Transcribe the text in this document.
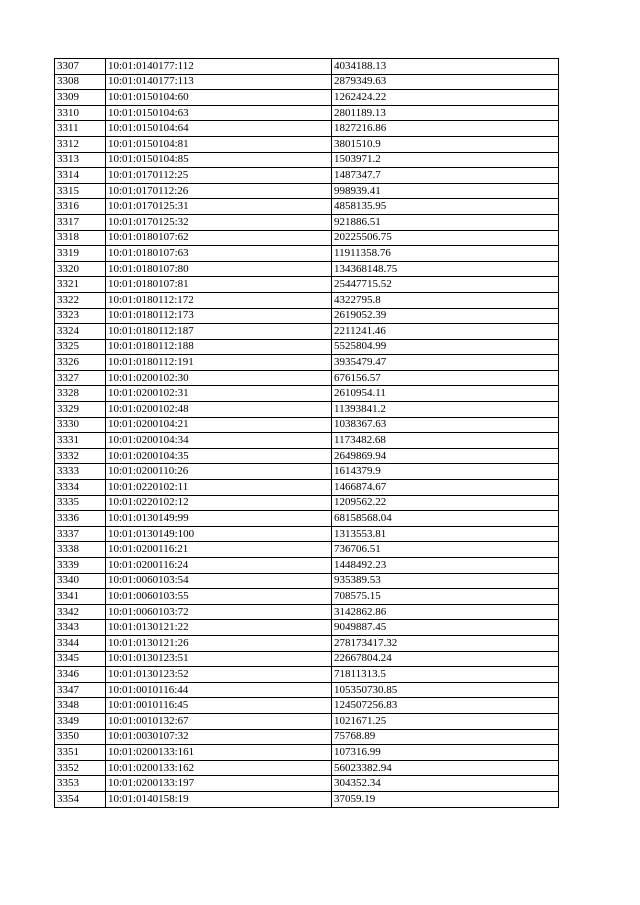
3307	10:01:0140177:112	4034188.13
3308	10:01:0140177:113	2879349.63
3309	10:01:0150104:60	1262424.22
3310	10:01:0150104:63	2801189.13
3311	10:01:0150104:64	1827216.86
3312	10:01:0150104:81	3801510.9
3313	10:01:0150104:85	1503971.2
3314	10:01:0170112:25	1487347.7
3315	10:01:0170112:26	998939.41
3316	10:01:0170125:31	4858135.95
3317	10:01:0170125:32	921886.51
3318	10:01:0180107:62	20225506.75
3319	10:01:0180107:63	11911358.76
3320	10:01:0180107:80	134368148.75
3321	10:01:0180107:81	25447715.52
3322	10:01:0180112:172	4322795.8
3323	10:01:0180112:173	2619052.39
3324	10:01:0180112:187	2211241.46
3325	10:01:0180112:188	5525804.99
3326	10:01:0180112:191	3935479.47
3327	10:01:0200102:30	676156.57
3328	10:01:0200102:31	2610954.11
3329	10:01:0200102:48	11393841.2
3330	10:01:0200104:21	1038367.63
3331	10:01:0200104:34	1173482.68
3332	10:01:0200104:35	2649869.94
3333	10:01:0200110:26	1614379.9
3334	10:01:0220102:11	1466874.67
3335	10:01:0220102:12	1209562.22
3336	10:01:0130149:99	68158568.04
3337	10:01:0130149:100	1313553.81
3338	10:01:0200116:21	736706.51
3339	10:01:0200116:24	1448492.23
3340	10:01:0060103:54	935389.53
3341	10:01:0060103:55	708575.15
3342	10:01:0060103:72	3142862.86
3343	10:01:0130121:22	9049887.45
3344	10:01:0130121:26	278173417.32
3345	10:01:0130123:51	22667804.24
3346	10:01:0130123:52	71811313.5
3347	10:01:0010116:44	105350730.85
3348	10:01:0010116:45	124507256.83
3349	10:01:0010132:67	1021671.25
3350	10:01:0030107:32	75768.89
3351	10:01:0200133:161	107316.99
3352	10:01:0200133:162	56023382.94
3353	10:01:0200133:197	304352.34
3354	10:01:0140158:19	37059.19
